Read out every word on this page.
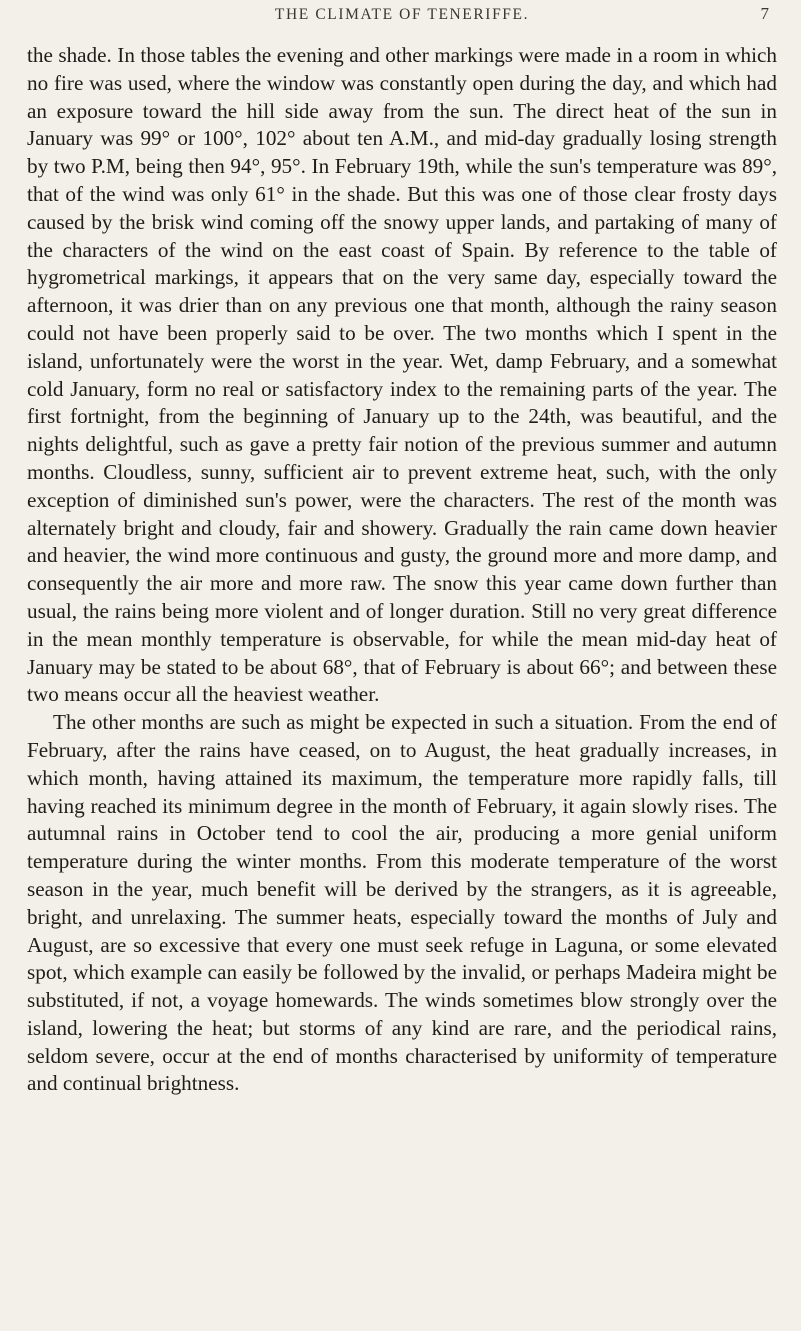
THE CLIMATE OF TENERIFFE.	7

the shade. In those tables the evening and other markings were made in a room in which no fire was used, where the window was constantly open during the day, and which had an exposure toward the hill side away from the sun. The direct heat of the sun in January was 99° or 100°, 102° about ten A.M., and mid-day gradually losing strength by two P.M, being then 94°, 95°. In February 19th, while the sun's temperature was 89°, that of the wind was only 61° in the shade. But this was one of those clear frosty days caused by the brisk wind coming off the snowy upper lands, and partaking of many of the characters of the wind on the east coast of Spain. By reference to the table of hygrometrical markings, it appears that on the very same day, especially toward the afternoon, it was drier than on any previous one that month, although the rainy season could not have been properly said to be over. The two months which I spent in the island, unfortunately were the worst in the year. Wet, damp February, and a somewhat cold January, form no real or satisfactory index to the remaining parts of the year. The first fortnight, from the beginning of January up to the 24th, was beautiful, and the nights delightful, such as gave a pretty fair notion of the previous summer and autumn months. Cloudless, sunny, sufficient air to prevent extreme heat, such, with the only exception of diminished sun's power, were the characters. The rest of the month was alternately bright and cloudy, fair and showery. Gradually the rain came down heavier and heavier, the wind more continuous and gusty, the ground more and more damp, and consequently the air more and more raw. The snow this year came down further than usual, the rains being more violent and of longer duration. Still no very great difference in the mean monthly temperature is observable, for while the mean mid-day heat of January may be stated to be about 68°, that of February is about 66°; and between these two means occur all the heaviest weather.

The other months are such as might be expected in such a situation. From the end of February, after the rains have ceased, on to August, the heat gradually increases, in which month, having attained its maximum, the temperature more rapidly falls, till having reached its minimum degree in the month of February, it again slowly rises. The autumnal rains in October tend to cool the air, producing a more genial uniform temperature during the winter months. From this moderate temperature of the worst season in the year, much benefit will be derived by the strangers, as it is agreeable, bright, and unrelaxing. The summer heats, especially toward the months of July and August, are so excessive that every one must seek refuge in Laguna, or some elevated spot, which example can easily be followed by the invalid, or perhaps Madeira might be substituted, if not, a voyage homewards. The winds sometimes blow strongly over the island, lowering the heat; but storms of any kind are rare, and the periodical rains, seldom severe, occur at the end of months characterised by uniformity of temperature and continual brightness.
